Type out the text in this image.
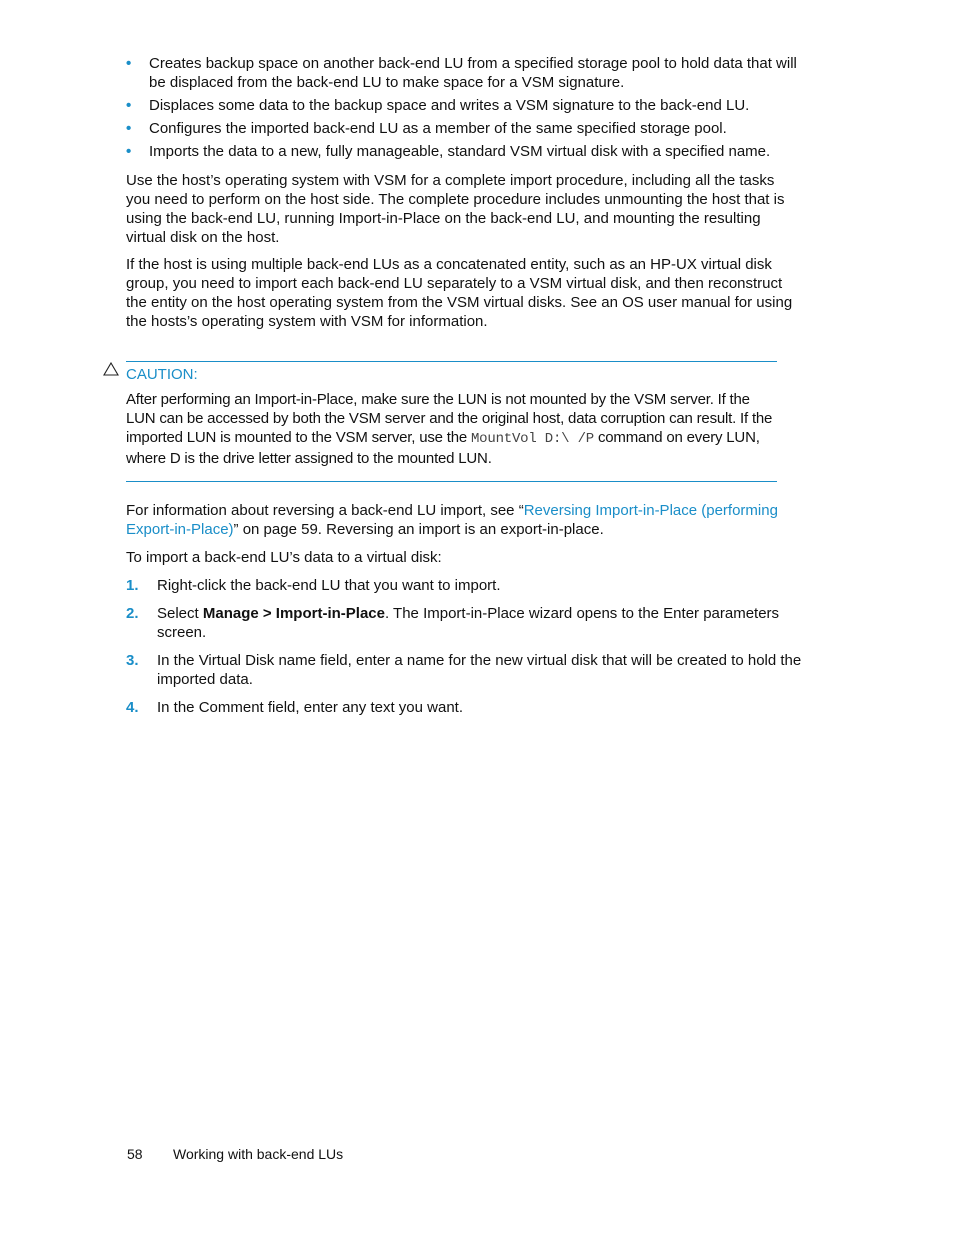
• Creates backup space on another back-end LU from a specified storage pool to hold data that will be displaced from the back-end LU to make space for a VSM signature.
• Displaces some data to the backup space and writes a VSM signature to the back-end LU.
• Configures the imported back-end LU as a member of the same specified storage pool.
• Imports the data to a new, fully manageable, standard VSM virtual disk with a specified name.

Use the host’s operating system with VSM for a complete import procedure, including all the tasks you need to perform on the host side. The complete procedure includes unmounting the host that is using the back-end LU, running Import-in-Place on the back-end LU, and mounting the resulting virtual disk on the host.

If the host is using multiple back-end LUs as a concatenated entity, such as an HP-UX virtual disk group, you need to import each back-end LU separately to a VSM virtual disk, and then reconstruct the entity on the host operating system from the VSM virtual disks. See an OS user manual for using the hosts’s operating system with VSM for information.

CAUTION:

After performing an Import-in-Place, make sure the LUN is not mounted by the VSM server. If the LUN can be accessed by both the VSM server and the original host, data corruption can result. If the imported LUN is mounted to the VSM server, use the MountVol D:\ /P command on every LUN, where D is the drive letter assigned to the mounted LUN.

For information about reversing a back-end LU import, see “Reversing Import-in-Place (performing Export-in-Place)” on page 59. Reversing an import is an export-in-place.

To import a back-end LU’s data to a virtual disk:

1. Right-click the back-end LU that you want to import.
2. Select Manage > Import-in-Place. The Import-in-Place wizard opens to the Enter parameters screen.
3. In the Virtual Disk name field, enter a name for the new virtual disk that will be created to hold the imported data.
4. In the Comment field, enter any text you want.
58 Working with back-end LUs
